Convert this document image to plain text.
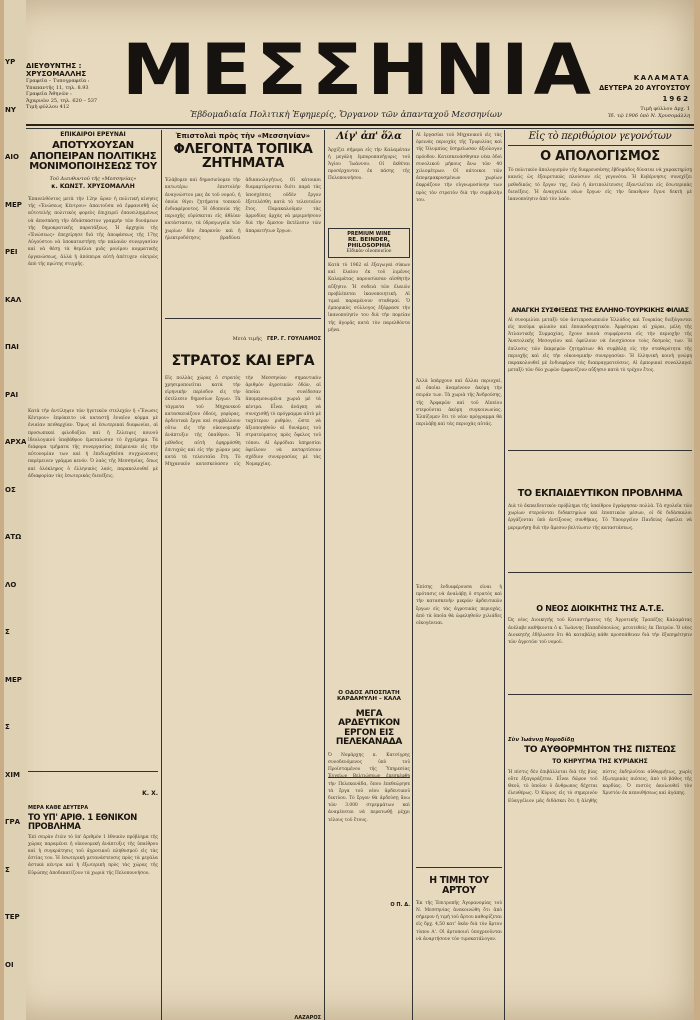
ΥΡ
ΝΥ
ΑΙΟ
ΜΕΡ
ΡΕΙ
ΚΑΛ
ΠΑΙ
ΡΑΙ
ΑΡΧΑ
ΟΣ
ΑΤΩ
ΛΟ
Σ
ΜΕΡ
Σ
ΧΙΜ
ΓΡΑ
Σ
ΤΕΡ
ΟΙ
ΔΙΕΥΘΥΝΤΗΣ :
ΧΡΥΣΟΜΑΛΛΗΣ
Γραφεῖα – Τυπογραφεῖα :
Υπαπαντῆς 11, τηλ. 8.93
Γραφεῖα Ἀθηνῶν :
Ἀχαρνῶν 25, τηλ. 620 – 537
Τιμὴ φύλλου 412 ΜΕΣΣΗΝΙΑ
Ἐβδομαδιαία Πολιτικὴ Ἐφημερίς, Ὄργανον τῶν ἀπανταχοῦ Μεσσηνίων
ΚΑΛΑΜΑΤΑ
ΔΕΥΤΕΡΑ 20 ΑΥΓΟΥΣΤΟΥ
1962
Τιμὴ φύλλου Δρχ. 1
Ἱδ. τῷ 1906 ὑπὸ Ν. Χρυσομάλλη
ΕΠΙΚΑΙΡΟΙ ΕΡΕΥΝΑΙ
ΑΠΟΤΥΧΟΥΣΑΝ ΑΠΟΠΕΙΡΑΝ ΠΟΛΙΤΙΚΗΣ ΜΟΝΙΜΟΠΟΙΗΣΕΩΣ ΤΟΥ
Τοῦ Διευθυντοῦ τῆς «Μεσσηνίας»
κ. ΚΩΝΣΤ. ΧΡΥΣΟΜΑΛΛΗ
Ἐπανελθόντος μετὰ τὴν 12ην ὥραν ἡ πολιτική κίνησις τῆς «Ἑνώσεως Κέντρου» ἀπαιτοῦσα νὰ ἐμφανισθῇ ὡς αὐτοτελὴς πολιτικὸς φορεὺς ἐπιχειρεῖ ἐπανειλημμένως νὰ ἀποσπάσῃ τὴν ἀδιάσπαστον γραμμὴν τῶν δυνάμεων τῆς δημοκρατικῆς παρατάξεως. Ἡ ἀρχηγία τῆς «Ἑνώσεως» ἐπεχείρησε διὰ τῆς ἀποφάσεως τῆς 17ης Αὐγούστου νὰ ὑποκαταστήσῃ τὴν παλαιὰν συνεργασίαν καὶ νὰ θέσῃ τὰ θεμέλια μιᾶς μονίμου κομματικῆς ὀργανώσεως, ἀλλὰ ἡ ἀπόπειρα αὐτὴ ἀπέτυχεν οἰκτρῶς ἀπὸ τῆς πρώτης στιγμῆς.
Κατὰ τὴν ἀντίληψιν τῶν ἡγετικῶν στελεχῶν ἡ «Ἕνωσις Κέντρου» ἐπρόκειτο νὰ καταστῇ ἐνιαῖον κόμμα μὲ ἑνιαίαν πειθαρχίαν. Ὅμως αἱ ἐσωτερικαὶ διαφωνίαι, αἱ προσωπικαὶ φιλοδοξίαι καὶ ἡ ἔλλειψις κοινοῦ ἰδεολογικοῦ ὑποβάθρου ἐματαίωσαν τὸ ἐγχείρημα. Τὰ διάφορα τμήματα τῆς συνεργασίας ἐπέμειναν εἰς τὴν αὐτονομίαν των καὶ ἡ ἐπιδιωχθεῖσα συγχώνευσις παρέμεινεν γράμμα κενόν. Ὁ λαὸς τῆς Μεσσηνίας, ὅπως καὶ ὁλόκληρος ὁ ἑλληνικὸς λαός, παρακολουθεῖ μὲ ἀδιαφορίαν τὰς ἐσωτερικὰς διενέξεις.
Κ. Χ.
ΜΕΡΑ ΚΑΘΕ ΔΕΥΤΕΡΑ
ΤΟ ΥΠ' ΑΡΙΘ. 1 ΕΘΝΙΚΟΝ ΠΡΟΒΛΗΜΑ
Ἐπὶ σειρὰν ἐτῶν τὸ ὑπ' ἀριθμὸν 1 ἐθνικὸν πρόβλημα τῆς χώρας παραμένει ἡ οἰκονομικὴ ἀνάπτυξις τῆς ὑπαίθρου καὶ ἡ συγκράτησις τοῦ ἀγροτικοῦ πληθυσμοῦ εἰς τὰς ἑστίας του. Ἡ ἐσωτερικὴ μετανάστευσις πρὸς τὰ μεγάλα ἀστικὰ κέντρα καὶ ἡ ἐξωτερικὴ πρὸς τὰς χώρας τῆς Εὐρώπης ἀποδεκατίζουν τὰ χωριὰ τῆς Πελοποννήσου.
Ἐπιστολαὶ πρὸς τὴν «Μεσσηνίαν»
ΦΛΕΓΟΝΤΑ ΤΟΠΙΚΑ ΖΗΤΗΜΑΤΑ
Ἐλάβομεν καὶ δημοσιεύομεν τὴν κατωτέρω ἐπιστολὴν ἀναγνώστου μας ἐκ τοῦ νομοῦ, ἡ ὁποία θίγει ζητήματα τοπικοῦ ἐνδιαφέροντος. Ἡ ὁδοποιία τῆς περιοχῆς εὑρίσκεται εἰς ἀθλίαν κατάστασιν, τὰ ὑδραγωγεῖα τῶν χωρίων δὲν ἐπαρκοῦν καὶ ἡ ἠλεκτροδότησις βραδύνει ἀδικαιολογήτως. Οἱ κάτοικοι διαμαρτύρονται διότι παρὰ τὰς ὑποσχέσεις οὐδὲν ἔργον ἐξετελέσθη κατὰ τὸ τελευταῖον ἔτος. Παρακαλοῦμεν τὰς ἁρμοδίας ἀρχὰς νὰ μεριμνήσουν διὰ τὴν ἄμεσον ἐκτέλεσιν τῶν ἀπαραιτήτων ἔργων.
Μετὰ τιμῆς ΓΕΡ. Γ. ΓΟΥΛΙΑΜΟΣ
ΣΤΡΑΤΟΣ ΚΑΙ ΕΡΓΑ
Εἰς πολλὰς χώρας ὁ στρατὸς χρησιμοποιεῖται κατὰ τὴν εἰρηνικὴν περίοδον εἰς τὴν ἐκτέλεσιν δημοσίων ἔργων. Τὰ τάγματα τοῦ Μηχανικοῦ κατασκευάζουν ὁδοὺς, γεφύρας, ἀρδευτικὰ ἔργα καὶ συμβάλλουν οὕτω εἰς τὴν οἰκονομικὴν ἀνάπτυξιν τῆς ὑπαίθρου. Ἡ μέθοδος αὐτὴ ἐφηρμόσθη ἐπιτυχῶς καὶ εἰς τὴν χώραν μας κατὰ τὰ τελευταῖα ἔτη. Τὸ Μηχανικὸν κατεσκεύασεν εἰς τὴν Μεσσηνίαν σημαντικὸν ἀριθμὸν ἀγροτικῶν ὁδῶν, αἱ ὁποῖαι συνέδεσαν ἀπομεμονωμένα χωριὰ μὲ τὰ κέντρα. Εἶναι ἀνάγκη νὰ συνεχισθῇ τὸ πρόγραμμα αὐτὸ μὲ ταχύτερον ρυθμὸν, ὥστε νὰ ἀξιοποιηθοῦν αἱ δυνάμεις τοῦ στρατεύματος πρὸς ὄφελος τοῦ τόπου. Αἱ ἀρμόδιαι ὑπηρεσίαι ὀφείλουν νὰ καταρτίσουν σχέδιον συνεργασίας μὲ τὰς Νομαρχίας.
ΛΑΖΑΡΟΣ
Λίγ' ἀπ' ὅλα
Ἀρχίζει σήμερα εἰς τὴν Καλαμάταν ἡ μεγάλη ἐμποροπανήγυρις τοῦ Ἁγίου Ἰωάννου. Οἱ ἐκθέται προσέρχονται ἐκ πάσης τῆς Πελοποννήσου.
PREMIUM WINE
RE. BEINDER, PHILOSOPHIA
Εἰδικὸν οἰνοποιεῖον
Κατὰ τὸ 1962 αἱ ἐξαγωγαὶ σύκων καὶ ἐλαίου ἐκ τοῦ λιμένος Καλαμάτας παρουσίασαν αἰσθητὴν αὔξησιν. Ἡ σοδειὰ τῶν ἐλαιῶν προβλέπεται ἱκανοποιητικὴ. Αἱ τιμαὶ παραμένουν σταθεραί. Ὁ ἐμπορικὸς σύλλογος ἐξέφρασε τὴν ἱκανοποίησίν του διὰ τὴν πορείαν τῆς ἀγορᾶς κατὰ τὸν παρελθόντα μῆνα.
Ο ΟΔΟΣ ΑΠΟΣΠΑΤΗ ΚΑΡΔΑΜΥΛΗ – ΚΑΛΑ
ΜΕΓΑ ΑΡΔΕΥΤΙΚΟΝ ΕΡΓΟΝ ΕΙΣ ΠΕΛΕΚΑΝΑΔΑ
Ὁ Νομάρχης κ. Κατσίγρης συνοδευόμενος ὑπὸ τοῦ Προϊσταμένου τῆς Ὑπηρεσίας τὴν Πελεκανάδα, ὅπου ἐπεθεώρησε τὰ ἔργα τοῦ νέου ἀρδευτικοῦ δικτύου. Τὸ ἔργον θὰ ἀρδεύσῃ ἄνω τῶν 3.000 στρεμμάτων καὶ ἀναμένεται νὰ περατωθῇ μέχρι τέλους τοῦ ἔτους.
Ο Π. Δ.
Αἱ ἐργασίαι τοῦ Μηχανικοῦ εἰς τὰς ὀρεινὰς περιοχὰς τῆς Τριφυλίας καὶ τῆς Ὀλυμπίας ἐσημείωσαν ἀξιόλογον πρόοδον. Κατεσκευάσθησαν νέαι ὁδοὶ συνολικοῦ μήκους ἄνω τῶν 40 χιλιομέτρων. Οἱ κάτοικοι τῶν ἀπομεμακρυσμένων χωρίων ἐκφράζουν τὴν εὐγνωμοσύνην των πρὸς τὸν στρατὸν διὰ τὴν συμβολὴν του.
Ἀλλὰ ὑπάρχουν καὶ ἄλλαι περιοχαὶ, αἱ ὁποῖαι ἀναμένουν ἀκόμη τὴν σειράν των. Τὰ χωριὰ τῆς Ἀνδρούσης, τῆς Ἀρφαρῶν καὶ τοῦ Αἰπείου στεροῦνται ἀκόμη συγκοινωνίας. Ἐλπίζομεν ὅτι τὸ νέον πρόγραμμα θὰ περιλάβῃ καὶ τὰς περιοχὰς αὐτάς.
Ἐπίσης ἐνδιαφέρουσα εἶναι ἡ πρότασις νὰ ἀναλάβῃ ὁ στρατὸς καὶ τὴν κατασκευὴν μικρῶν ἀρδευτικῶν ἔργων εἰς τὰς ἀγροτικὰς περιοχάς, ἀπὸ τὰ ὁποῖα θὰ ὠφεληθοῦν χιλιάδες οἰκογένειαι.
Η ΤΙΜΗ ΤΟΥ ΑΡΤΟΥ
Ἐκ τῆς Ἐπιτροπῆς Ἀγορανομίας τοῦ Ν. Μεσσηνίας ἀνεκοινώθη ὅτι ἀπὸ σήμερον ἡ τιμὴ τοῦ ἄρτου καθορίζεται εἰς δρχ. 4,50 κατ' ὀκᾶν διὰ τὸν ἄρτον τύπου Α'. Οἱ ἀρτοποιοὶ ὑποχρεοῦνται νὰ ἀναρτήσουν τὸν τιμοκατάλογον.
Εἰς τὸ περιθώριον γεγονότων
Ο ΑΠΟΛΟΓΙΣΜΟΣ
Τὸ πολιτικὸν ἀπολογισμὸν τῆς διαρρευσάσης ἑβδομάδος δύναται νὰ χαρακτηρίσῃ κανεὶς ὡς ἐξαιρετικῶς πλούσιον εἰς γεγονότα. Ἡ Κυβέρνησις συνεχίζει μεθοδικῶς τὸ ἔργον της, ἐνῷ ἡ ἀντιπολίτευσις ἐξαντλεῖται εἰς ἐσωτερικὰς διενέξεις. Ἡ ἀναγγελία νέων ἔργων εἰς τὴν ὕπαιθρον ἔγινε δεκτὴ μὲ ἱκανοποίησιν ἀπὸ τὸν λαόν.
ΑΝΑΓΚΗ ΣΥΣΦΙΞΕΩΣ ΤΗΣ ΕΛΛΗΝΟ-ΤΟΥΡΚΙΚΗΣ ΦΙΛΙΑΣ
Αἱ συνομιλίαι μεταξὺ τῶν ἀντιπροσωπειῶν Ἑλλάδος καὶ Τουρκίας διεξάγονται εἰς πνεῦμα φιλικὸν καὶ ἐποικοδομητικόν. Ἀμφότεραι αἱ χῶραι, μέλη τῆς Ἀτλαντικῆς Συμμαχίας, ἔχουν κοινὰ συμφέροντα εἰς τὴν περιοχὴν τῆς Ἀνατολικῆς Μεσογείου καὶ ὀφείλουν νὰ ἐνισχύσουν τοὺς δεσμοὺς των. Ἡ ἐπίλυσις τῶν ἐκκρεμῶν ζητημάτων θὰ συμβάλῃ εἰς τὴν σταθερότητα τῆς περιοχῆς καὶ εἰς τὴν οἰκονομικὴν συνεργασίαν. Ἡ ἑλληνικὴ κοινὴ γνώμη παρακολουθεῖ μὲ ἐνδιαφέρον τὰς διαπραγματεύσεις. Αἱ ἐμπορικαὶ συναλλαγαὶ μεταξὺ τῶν δύο χωρῶν ἐμφανίζουν αὔξησιν κατὰ τὸ τρέχον ἔτος.
ΤΟ ΕΚΠΑΙΔΕΥΤΙΚΟΝ ΠΡΟΒΛΗΜΑ
Διὰ τὸ ἐκπαιδευτικὸν πρόβλημα τῆς ὑπαίθρου ἐγράφησαν πολλὰ. Τὰ σχολεῖα τῶν χωρίων στεροῦνται διδακτηρίων καὶ ἐποπτικῶν μέσων, οἱ δὲ διδάσκαλοι ἐργάζονται ὑπὸ ἀντίξοους συνθήκας. Τὸ Ὑπουργεῖον Παιδείας ὀφείλει νὰ μεριμνήσῃ διὰ τὴν ἄμεσον βελτίωσιν τῆς καταστάσεως.
Ο ΝΕΟΣ ΔΙΟΙΚΗΤΗΣ ΤΗΣ Α.Τ.Ε.
Ὡς νέος Διοικητὴς τοῦ Καταστήματος τῆς Ἀγροτικῆς Τραπέζης Καλαμάτας ἀνέλαβε καθήκοντα ὁ κ. Ἰωάννης Παπαδόπουλος, μετατεθεὶς ἐκ Πατρῶν. Ὁ νέος Διοικητὴς ἐδήλωσεν ὅτι θὰ καταβάλῃ κάθε προσπάθειαν διὰ τὴν ἐξυπηρέτησιν τῶν ἀγροτῶν τοῦ νομοῦ.
Σὺν Ἰωάννῃ Νομοδίδῃ
ΤΟ ΑΥΘΟΡΜΗΤΟΝ ΤΗΣ ΠΙΣΤΕΩΣ
ΤΟ ΚΗΡΥΓΜΑ ΤΗΣ ΚΥΡΙΑΚΗΣ
Ἡ πίστις δὲν ἐπιβάλλεται διὰ τῆς βίας οὔτε ἐξαγοράζεται. Εἶναι δῶρον τοῦ Θεοῦ, τὸ ὁποῖον ὁ ἄνθρωπος δέχεται ἐλευθέρως. Ὁ Κύριος εἰς τὸ σημερινὸν Εὐαγγέλιον μᾶς διδάσκει ὅτι ἡ ἀληθὴς πίστις ἐκδηλοῦται αὐθορμήτως, χωρὶς ἐξωτερικὰς πιέσεις, ἀπὸ τὸ βάθος τῆς καρδίας. Ὁ πιστὸς ἀκολουθεῖ τὸν Χριστὸν ἐκ πεποιθήσεως καὶ ἀγάπης.
